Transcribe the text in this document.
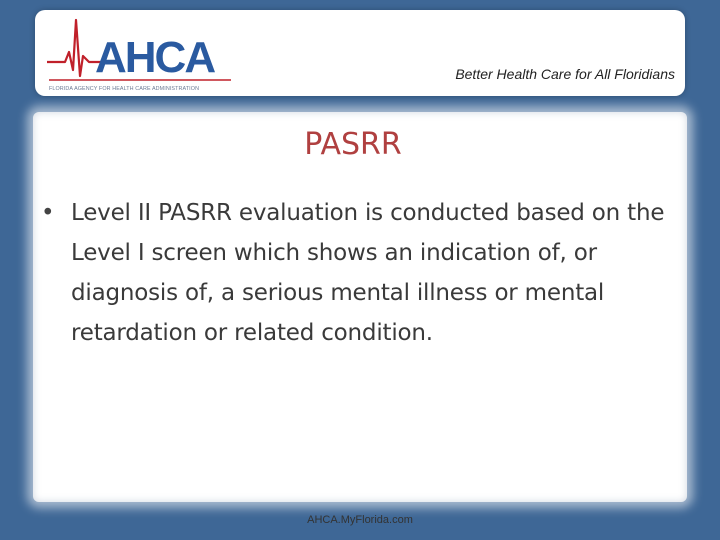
AHCA
FLORIDA AGENCY FOR HEALTH CARE ADMINISTRATION
Better Health Care for All Floridians
PASRR
• Level II PASRR evaluation is conducted based on the Level I screen which shows an indication of, or diagnosis of, a serious mental illness or mental retardation or related condition.
AHCA.MyFlorida.com
